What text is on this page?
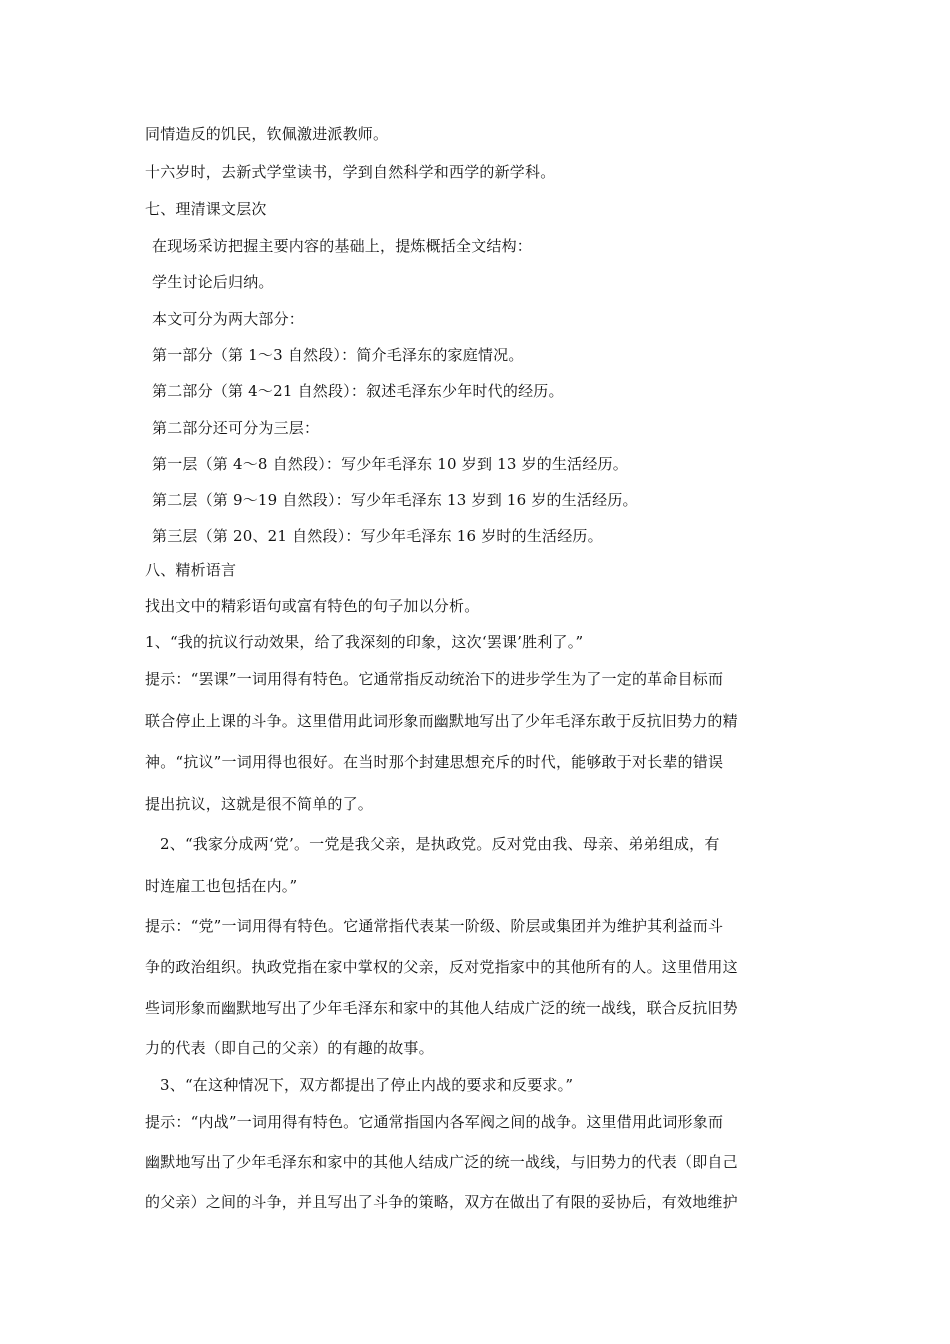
同情造反的饥民，钦佩激进派教师。
十六岁时，去新式学堂读书，学到自然科学和西学的新学科。
七、理清课文层次
在现场采访把握主要内容的基础上，提炼概括全文结构：
学生讨论后归纳。
本文可分为两大部分：
第一部分（第 1～3 自然段）：简介毛泽东的家庭情况。
第二部分（第 4～21 自然段）：叙述毛泽东少年时代的经历。
第二部分还可分为三层：
第一层（第 4～8 自然段）：写少年毛泽东 10 岁到 13 岁的生活经历。
第二层（第 9～19 自然段）：写少年毛泽东 13 岁到 16 岁的生活经历。
第三层（第 20、21 自然段）：写少年毛泽东 16 岁时的生活经历。
八、精析语言
找出文中的精彩语句或富有特色的句子加以分析。
1、“我的抗议行动效果，给了我深刻的印象，这次‘罢课’胜利了。”
提示：“罢课”一词用得有特色。它通常指反动统治下的进步学生为了一定的革命目标而
联合停止上课的斗争。这里借用此词形象而幽默地写出了少年毛泽东敢于反抗旧势力的精
神。“抗议”一词用得也很好。在当时那个封建思想充斥的时代，能够敢于对长辈的错误
提出抗议，这就是很不简单的了。
2、“我家分成两‘党’。一党是我父亲，是执政党。反对党由我、母亲、弟弟组成，有
时连雇工也包括在内。”
提示：“党”一词用得有特色。它通常指代表某一阶级、阶层或集团并为维护其利益而斗
争的政治组织。执政党指在家中掌权的父亲，反对党指家中的其他所有的人。这里借用这
些词形象而幽默地写出了少年毛泽东和家中的其他人结成广泛的统一战线，联合反抗旧势
力的代表（即自己的父亲）的有趣的故事。
3、“在这种情况下，双方都提出了停止内战的要求和反要求。”
提示：“内战”一词用得有特色。它通常指国内各军阀之间的战争。这里借用此词形象而
幽默地写出了少年毛泽东和家中的其他人结成广泛的统一战线，与旧势力的代表（即自己
的父亲）之间的斗争，并且写出了斗争的策略，双方在做出了有限的妥协后，有效地维护
